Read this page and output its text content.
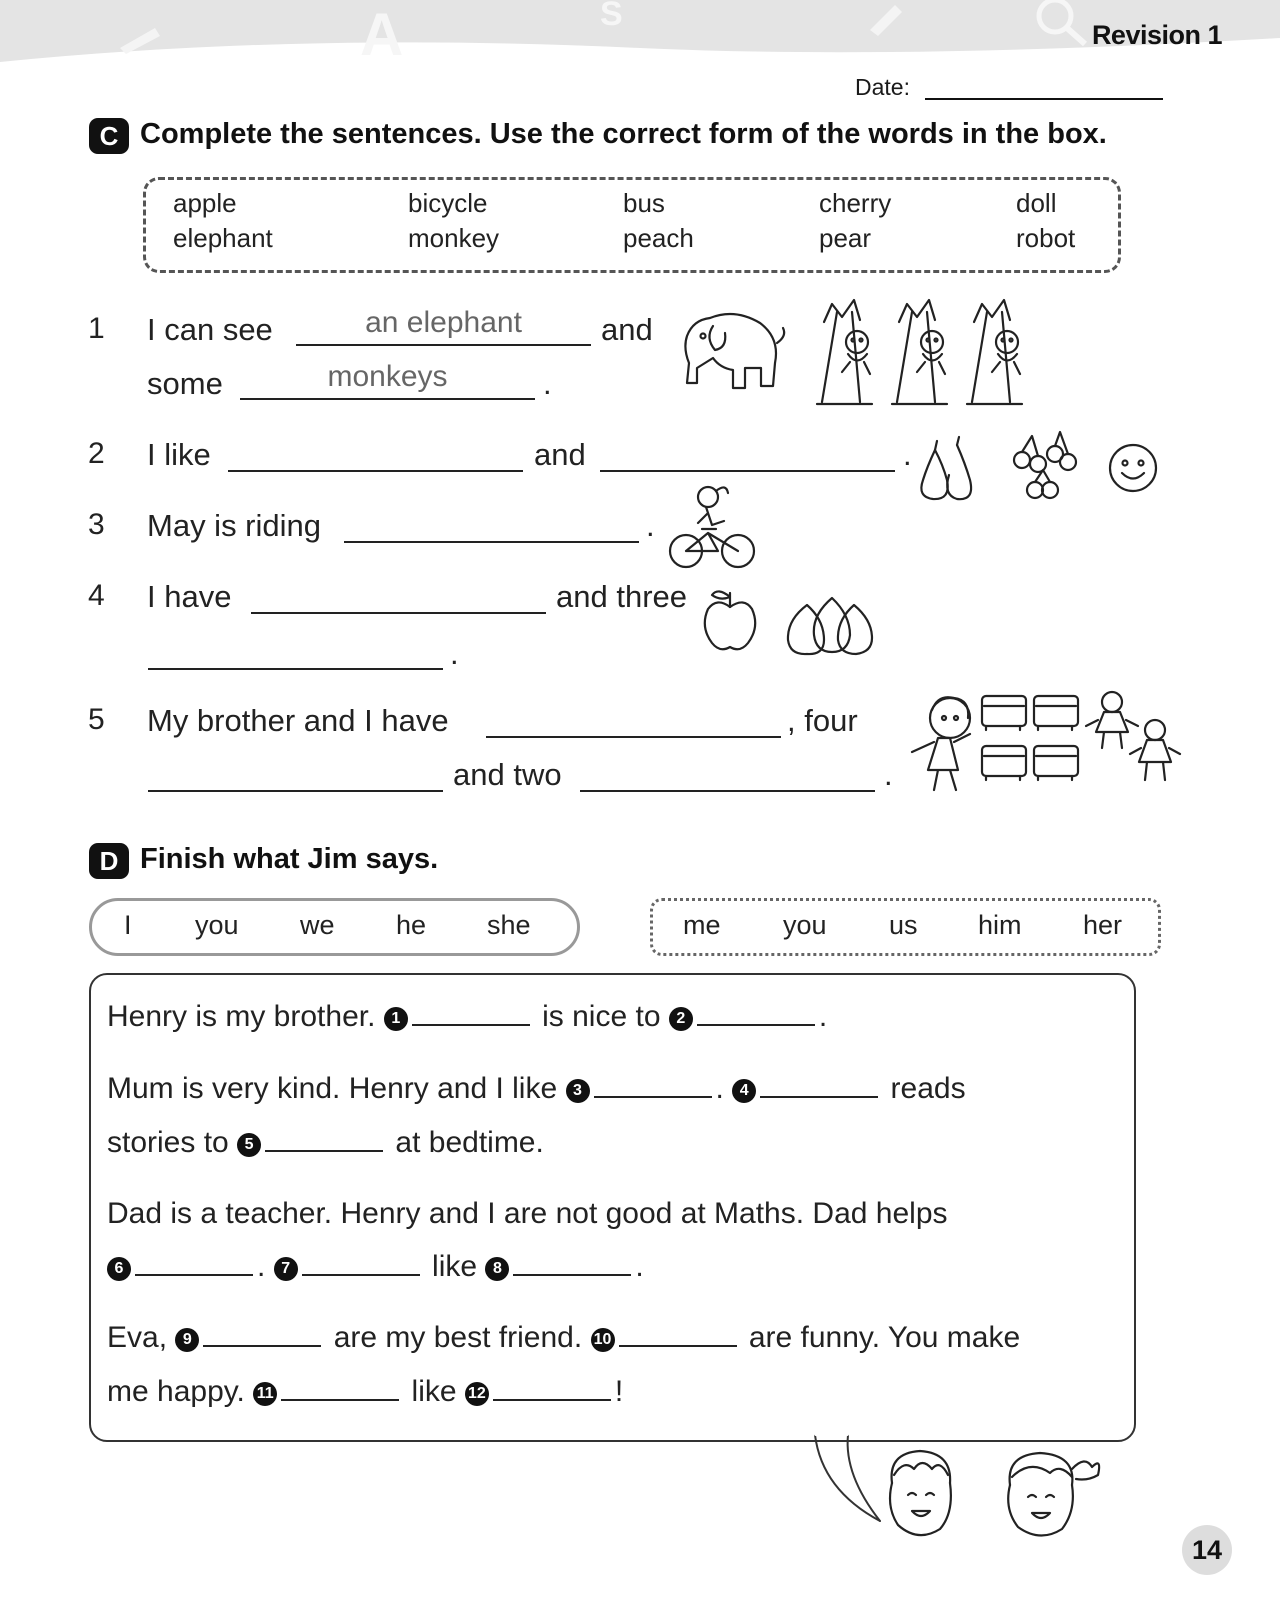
A	S
Revision 1
Date:
C Complete the sentences. Use the correct form of the words in the box.
apple	bicycle	bus	cherry	doll
elephant	monkey	peach	pear	robot
1 I can see	an elephant	and
some	monkeys	.
2 I like	and	.
3 May is riding	.
4 I have	and three
.
5 My brother and I have	, four
and two	.
D Finish what Jim says.
I you we he she	me you us him her
Henry is my brother. 1	is nice to 2	.
Mum is very kind. Henry and I like 3	. 4	reads
stories to 5	at bedtime.
Dad is a teacher. Henry and I are not good at Maths. Dad helps
6	. 7	like 8	.
Eva, 9	are my best friend. 10	are funny. You make
me happy. 11	like 12	!
14
